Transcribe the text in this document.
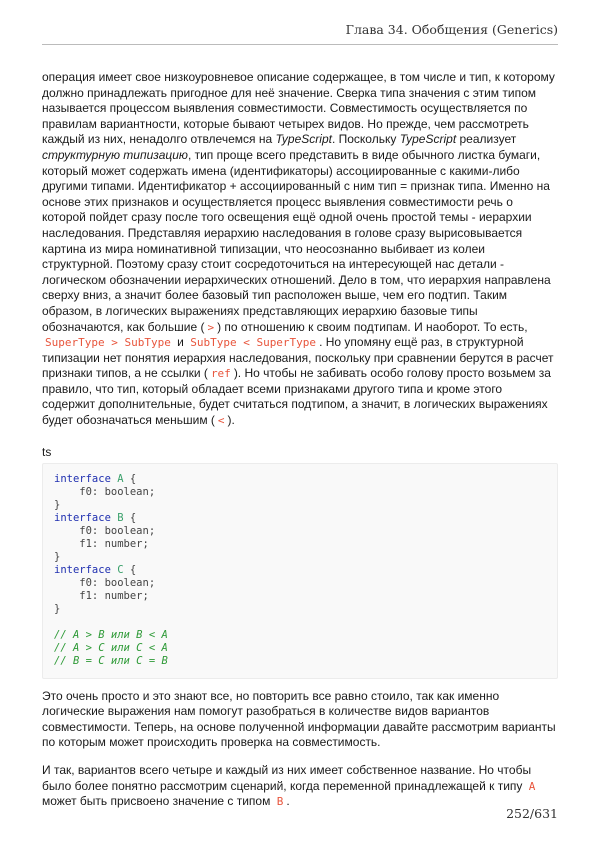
Глава 34. Обобщения (Generics)

операция имеет свое низкоуровневое описание содержащее, в том числе и тип, к которому должно принадлежать пригодное для неё значение. Сверка типа значения с этим типом называется процессом выявления совместимости. Совместимость осуществляется по правилам вариантности, которые бывают четырех видов. Но прежде, чем рассмотреть каждый из них, ненадолго отвлечемся на TypeScript. Поскольку TypeScript реализует структурную типизацию, тип проще всего представить в виде обычного листка бумаги, который может содержать имена (идентификаторы) ассоциированные с какими-либо другими типами. Идентификатор + ассоциированный с ним тип = признак типа. Именно на основе этих признаков и осуществляется процесс выявления совместимости речь о которой пойдет сразу после того освещения ещё одной очень простой темы - иерархии наследования. Представляя иерархию наследования в голове сразу вырисовывается картина из мира номинативной типизации, что неосознанно выбивает из колеи структурной. Поэтому сразу стоит сосредоточиться на интересующей нас детали - логическом обозначении иерархических отношений. Дело в том, что иерархия направлена сверху вниз, а значит более базовый тип расположен выше, чем его подтип. Таким образом, в логических выражениях представляющих иерархию базовые типы обозначаются, как большие ( > ) по отношению к своим подтипам. И наоборот. То есть, SuperType > SubType и SubType < SuperType . Но упомяну ещё раз, в структурной типизации нет понятия иерархия наследования, поскольку при сравнении берутся в расчет признаки типов, а не ссылки ( ref ). Но чтобы не забивать особо голову просто возьмем за правило, что тип, который обладает всеми признаками другого типа и кроме этого содержит дополнительные, будет считаться подтипом, а значит, в логических выражениях будет обозначаться меньшим ( < ).

ts
interface A {
f0: boolean;
}
interface B {
f0: boolean;
f1: number;
}
interface C {
f0: boolean;
f1: number;
}
// A > B или B < A
// A > C или C < A
// B = C или C = B

Это очень просто и это знают все, но повторить все равно стоило, так как именно логические выражения нам помогут разобраться в количестве видов вариантов совместимости. Теперь, на основе полученной информации давайте рассмотрим варианты по которым может происходить проверка на совместимость.

И так, вариантов всего четыре и каждый из них имеет собственное название. Но чтобы было более понятно рассмотрим сценарий, когда переменной принадлежащей к типу A может быть присвоено значение с типом B .

252/631
